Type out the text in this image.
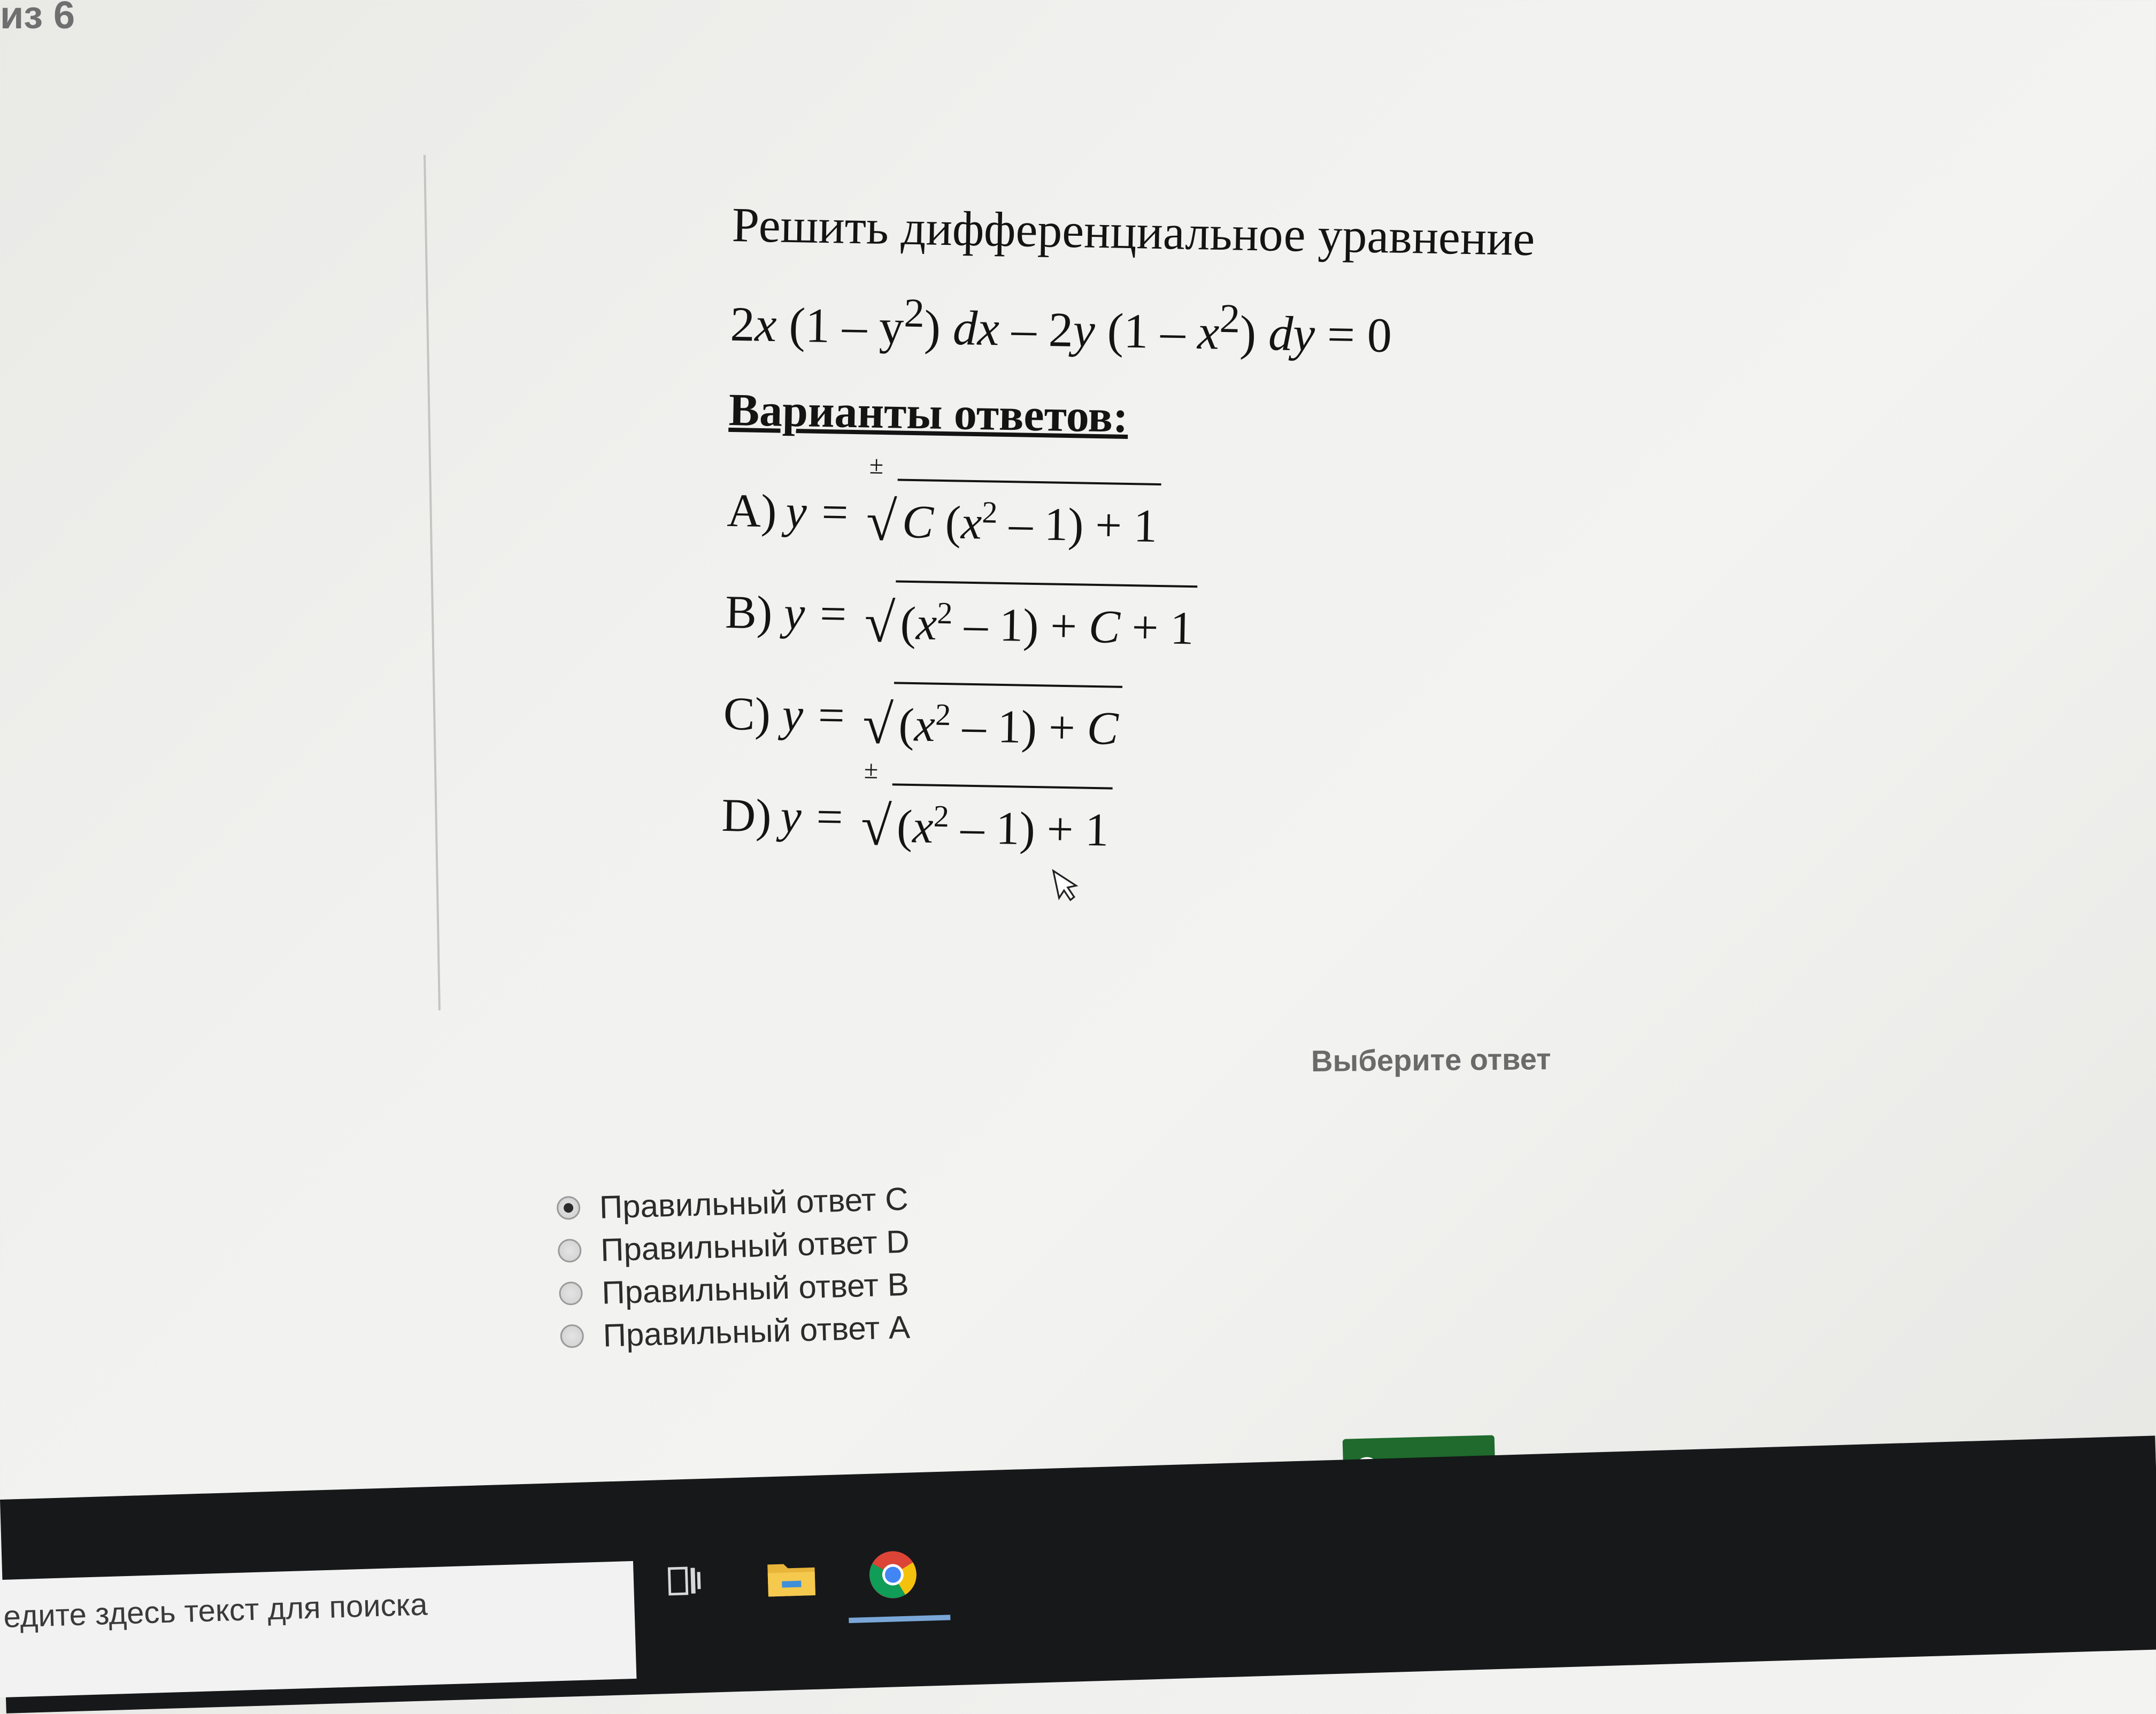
из 6

Решить дифференциальное уравнение

2x $(1 - y^2)$ dx – 2y $(1 - x^2)$ dy = 0
Варианты ответов:
A) y =
±
√ C $(x^2 - 1) + 1$
B) y = √ $(x^2 - 1) + C + 1$
C) y = √ $(x^2 - 1) + C$
D) y =
±
√ $(x^2 - 1) + 1$
Выберите ответ
Правильный ответ C
Правильный ответ D
Правильный ответ B
Правильный ответ A
едите здесь текст для поиска
